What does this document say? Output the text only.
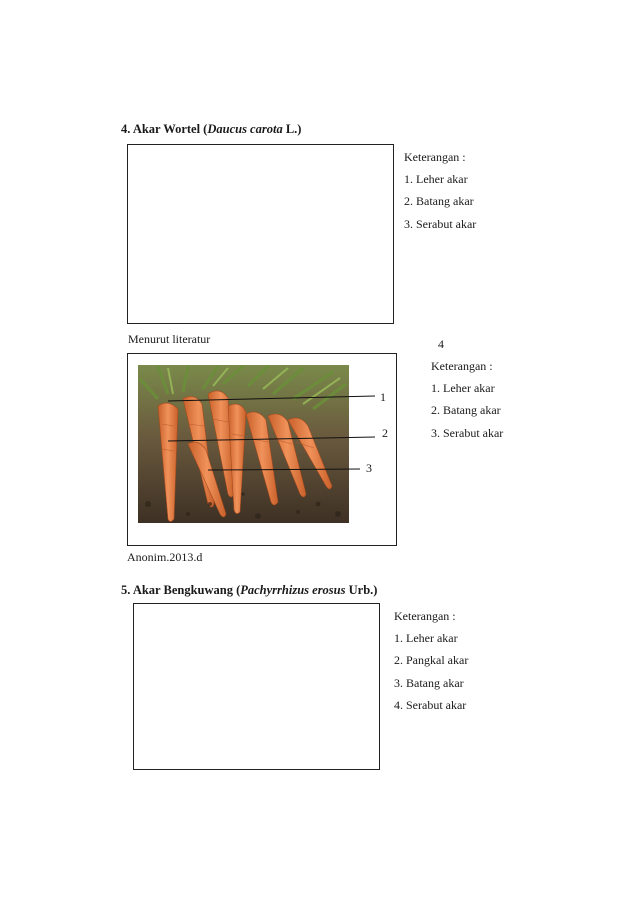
4. Akar Wortel (Daucus carota L.)
Keterangan :
1. Leher akar
2. Batang akar
3. Serabut akar
Menurut literatur	4
1
2
3
Keterangan :
1. Leher akar
2. Batang akar
3. Serabut akar
Anonim.2013.d
5. Akar Bengkuwang (Pachyrrhizus erosus Urb.)
Keterangan :
1. Leher akar
2. Pangkal akar
3. Batang akar
4. Serabut akar
